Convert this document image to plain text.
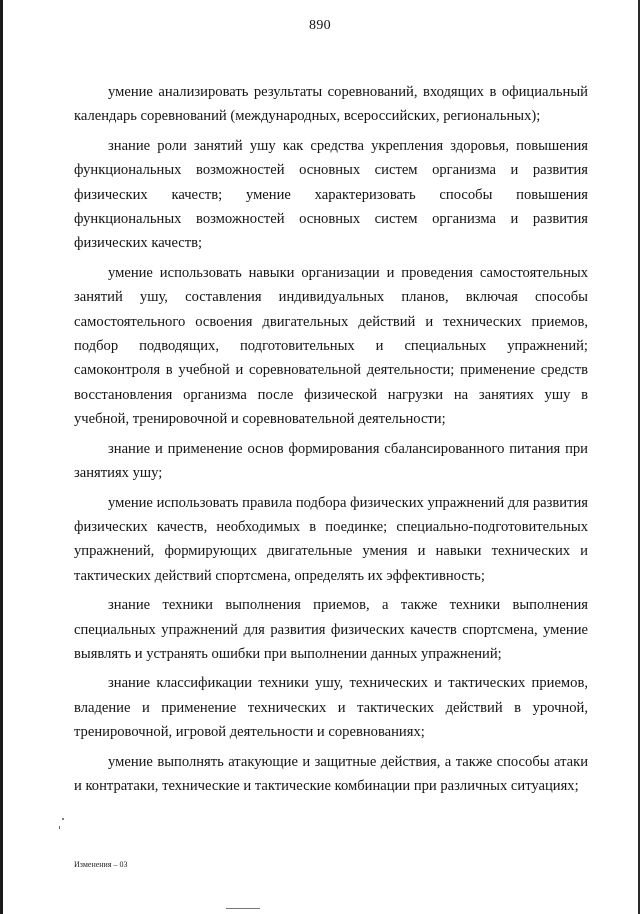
890

умение анализировать результаты соревнований, входящих в официальный календарь соревнований (международных, всероссийских, региональных);

знание роли занятий ушу как средства укрепления здоровья, повышения функциональных возможностей основных систем организма и развития физических качеств; умение характеризовать способы повышения функциональных возможностей основных систем организма и развития физических качеств;

умение использовать навыки организации и проведения самостоятельных занятий ушу, составления индивидуальных планов, включая способы самостоятельного освоения двигательных действий и технических приемов, подбор подводящих, подготовительных и специальных упражнений; самоконтроля в учебной и соревновательной деятельности; применение средств восстановления организма после физической нагрузки на занятиях ушу в учебной, тренировочной и соревновательной деятельности;

знание и применение основ формирования сбалансированного питания при занятиях ушу;

умение использовать правила подбора физических упражнений для развития физических качеств, необходимых в поединке; специально-подготовительных упражнений, формирующих двигательные умения и навыки технических и тактических действий спортсмена, определять их эффективность;

знание техники выполнения приемов, а также техники выполнения специальных упражнений для развития физических качеств спортсмена, умение выявлять и устранять ошибки при выполнении данных упражнений;

знание классификации техники ушу, технических и тактических приемов, владение и применение технических и тактических действий в урочной, тренировочной, игровой деятельности и соревнованиях;

умение выполнять атакующие и защитные действия, а также способы атаки и контратаки, технические и тактические комбинации при различных ситуациях;

Изменения – 03
